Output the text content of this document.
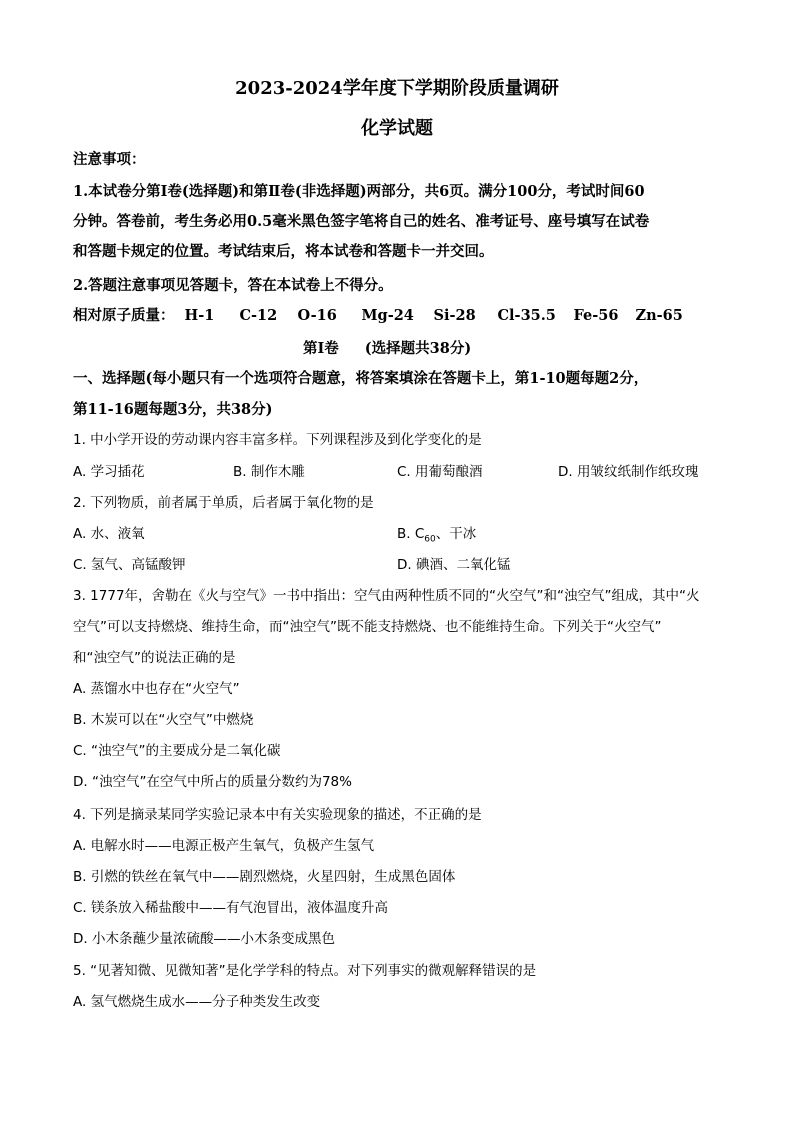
2023-2024学年度下学期阶段质量调研
化学试题
注意事项：
1.本试卷分第Ⅰ卷(选择题)和第Ⅱ卷(非选择题)两部分，共6页。满分100分，考试时间60
分钟。答卷前，考生务必用0.5毫米黑色签字笔将自己的姓名、准考证号、座号填写在试卷
和答题卡规定的位置。考试结束后，将本试卷和答题卡一并交回。
2.答题注意事项见答题卡，答在本试卷上不得分。
相对原子质量： H-1 C-12 O-16 Mg-24 Si-28 Cl-35.5 Fe-56 Zn-65
第Ⅰ卷 (选择题共38分)
一、选择题(每小题只有一个选项符合题意，将答案填涂在答题卡上，第1-10题每题2分，
第11-16题每题3分，共38分)
1. 中小学开设的劳动课内容丰富多样。下列课程涉及到化学变化的是
A. 学习插花	B. 制作木雕	C. 用葡萄酿酒	D. 用皱纹纸制作纸玫瑰
2. 下列物质，前者属于单质，后者属于氧化物的是
A. 水、液氧	B. $C_{60}$、干冰
C. 氢气、高锰酸钾	D. 碘酒、二氧化锰
3. 1777年，舍勒在《火与空气》一书中指出：空气由两种性质不同的“火空气”和“浊空气”组成，其中“火
空气”可以支持燃烧、维持生命，而“浊空气”既不能支持燃烧、也不能维持生命。下列关于“火空气”
和“浊空气”的说法正确的是
A. 蒸馏水中也存在“火空气”
B. 木炭可以在“火空气”中燃烧
C. “浊空气”的主要成分是二氧化碳
D. “浊空气”在空气中所占的质量分数约为78%
4. 下列是摘录某同学实验记录本中有关实验现象的描述，不正确的是
A. 电解水时——电源正极产生氧气，负极产生氢气
B. 引燃的铁丝在氧气中——剧烈燃烧，火星四射，生成黑色固体
C. 镁条放入稀盐酸中——有气泡冒出，液体温度升高
D. 小木条蘸少量浓硫酸——小木条变成黑色
5. “见著知微、见微知著”是化学学科的特点。对下列事实的微观解释错误的是
A. 氢气燃烧生成水——分子种类发生改变
